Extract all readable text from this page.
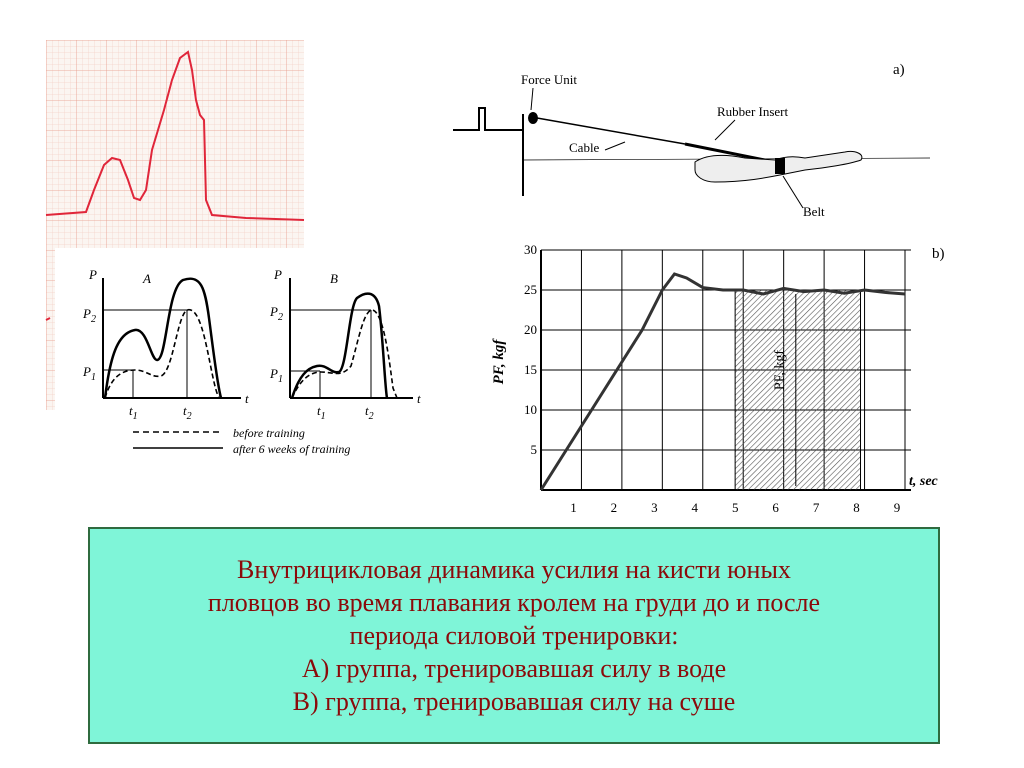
P	A
t
$P_2$
$P_1$
$t_1$	$t_2$
P	B
t
$P_2$
$P_1$
$t_1$	$t_2$
before training
after 6 weeks of training
a)
Force Unit
Cable
Rubber Insert
Belt
b)
5
10
15
20
25
30
1	2	3	4	5	6	7	8	9
PF, kgf
t, sec
PF, kgf
Внутрицикловая динамика усилия на кисти юных
пловцов во время плавания кролем на груди до и после
периода силовой тренировки:
А) группа, тренировавшая силу в воде
В) группа, тренировавшая силу на суше
